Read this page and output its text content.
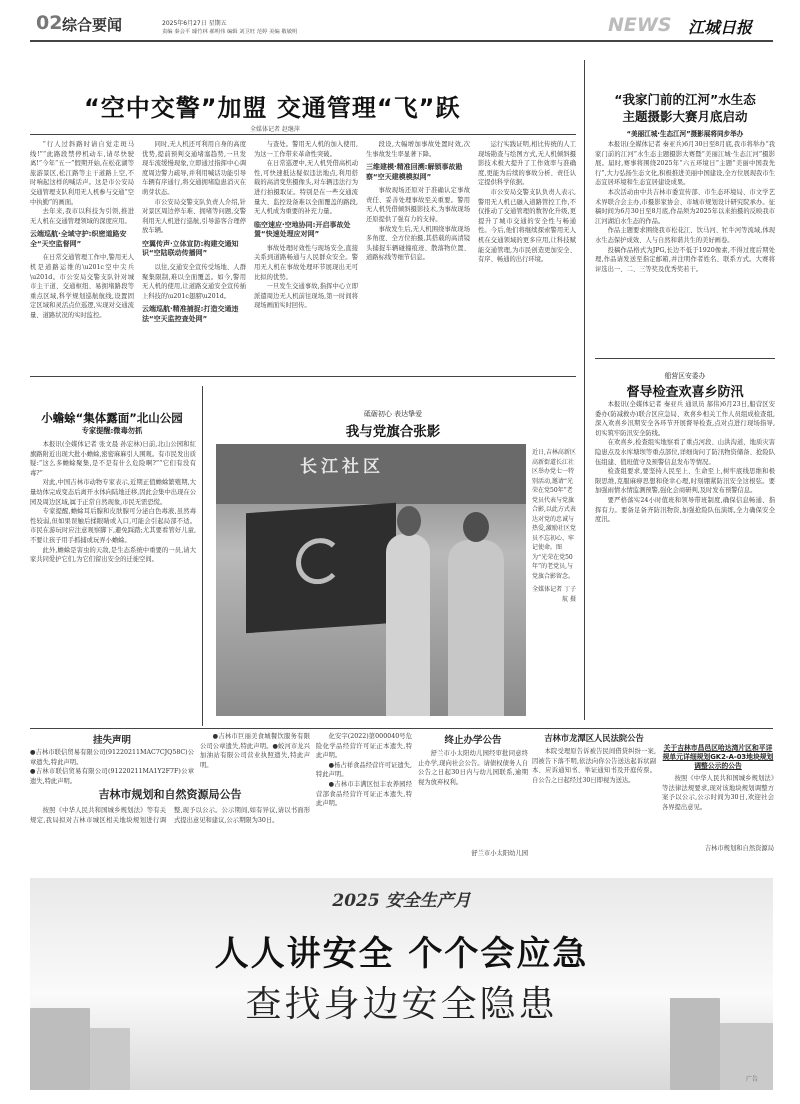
02 综合要闻	2025年6月27日 星期五
责编 秦会平 璩竹林 郝明伟 编辑 刘卫旺 范婷 美编 敬敏明	NEWS 江城日报
“空中交警”加盟 交通管理“飞”跃
全媒体记者 赵继萍

“行人过斜路时请自觉走斑马线!”“此路段禁停机动车,请尽快驶离!”今年“五一”假期开始,在松花湖等旅游景区,松江路等主干道路上空,不时响起这样的喊话声。这是市公安局交通管理支队利用无人机参与交通“空中执勤”的画面。

去年来,我市以科技为引领,推进无人机在交通管理领域的深度应用。

云端巡航·全域守护:织密道路安全“天空监督网”

在日常交通管理工作中,警用无人机是道路运维的\u201c空中尖兵\u201d。市公安局交警支队针对城市主干道、交通枢纽、易拥堵路段等重点区域,科学规划巡航航线,设置固定区域和灵活点位巡逻,实现对交通流量、道路状况的实时监控。

同时,无人机还可利用自身的高度优势,提前预判交通堵塞趋势,一旦发现车流缓慢现象,立即通过指挥中心调度周边警力疏导,并利用喊话功能引导车辆有序通行,将交通拥堵隐患消灭在萌芽状态。

市公安局交警支队负责人介绍,针对景区周边停车难、拥堵等问题,交警利用无人机进行巡航,引导游客合理停放车辆。

空翼传声·立体宣防:构建交通知识“空陆联动传播网”

以往,交通安全宣传受场地、人群聚集限制,难以全面覆盖。如今,警用无人机的使用,让道路交通安全宣传插上科技的\u201c翅膀\u201d。

云端巡航·精准捕捉:打造交通违法“空天监控查处网”

与查处。警用无人机的加入使用,为这一工作带来革命性突破。

在日常巡逻中,无人机凭借高机动性,可快速抵达疑似违法地点,利用搭载的高清变焦摄像头,对车辆违法行为进行拍摄取证。特别是在一些交通流量大、监控设备难以全面覆盖的路段,无人机成为重要的补充力量。

临空速应·空地协同:开启事故处置“快速处理应对网”

事故处理时效性与现场安全,直接关系到道路畅通与人民群众安全。警用无人机在事故处理环节展现出无可比拟的优势。

一旦发生交通事故,指挥中心立即派遣周边无人机前往现场,第一时间将现场画面实时回传。

段设,大幅增加事故处置时效,次生事故发生率显著下降。

三维建模·精准回溯:解锁事故勘察“空天建模模拟网”

事故现场还原对于准确认定事故责任、妥善处理事故至关重要。警用无人机凭借倾斜摄影技术,为事故现场还原提供了强有力的支持。

事故发生后,无人机围绕事故现场多角度、全方位拍摄,其搭载的高清镜头捕捉车辆碰撞痕迹、散落物位置、道路标线等细节信息。

运行实践证明,相比传统的人工现场勘查与绘图方式,无人机倾斜摄影技术极大提升了工作效率与准确度,更能为后续的事故分析、责任认定提供科学依据。

市公安局交警支队负责人表示,警用无人机已融入道路管控工作,不仅推动了交通管理的数智化升级,更提升了城市交通的安全性与畅通性。今后,他们将继续探索警用无人机在交通领域的更多应用,让科技赋能交通管理,为市民创造更加安全、有序、畅通的出行环境。

“我家门前的江河”水生态
主题摄影大赛月底启动
“美丽江城·生态江河”摄影展将同步举办

本报讯(全媒体记者 秦亚兵)6月30日至8月底,我市将举办“我家门前的江河”水生态主题摄影大赛暨“美丽江城·生态江河”摄影展。届时,赛事将围绕2025年“六五环境日”主题“美丽中国我先行”,大力弘扬生态文化,积极推进美丽中国建设,全方位展现我市生态宜居环境和生态宜居建设成果。

本次活动由中共吉林市委宣传部、市生态环境局、市文学艺术界联合会主办,市摄影家协会、市城市规划设计研究院承办。征稿时间为6月30日至8月底,作品须为2025年以来拍摄的反映我市江河湖泊水生态的作品。

作品主题要求围绕我市松花江、饮马河、牤牛河等流域,体现水生态保护成效、人与自然和谐共生的美好画卷。

投稿作品格式为JPG,长边不低于1920像素,不得过度后期处理,作品请发送至指定邮箱,并注明作者姓名、联系方式。大赛将评选出一、二、三等奖及优秀奖若干。

船营区安委办
督导检查欢喜乡防汛

本报讯(全媒体记者 秦亚兵 通讯员 郝伟)6月23日,船营区安委办(防减救办)联合区应急局、欢喜乡相关工作人员组成检查组,深入欢喜乡汛期安全各环节开展督导检查,点对点进行现场指导,切实筑牢防汛安全防线。

在欢喜乡,检查组实地察看了重点河段、山洪沟道、地质灾害隐患点及水库塘坝等重点部位,详细询问了防汛物资储备、抢险队伍组建、值班值守及预警信息发布等情况。

检查组要求,要坚持人民至上、生命至上,树牢底线思维和极限思维,克服麻痹思想和侥幸心理,时刻绷紧防汛安全这根弦。要加强雨情水情监测预警,强化会商研判,及时发布预警信息。

要严格落实24小时值班和领导带班制度,确保信息畅通、指挥有力。要备足备齐防汛物资,加强抢险队伍演练,全力确保安全度汛。

小蟾蜍“集体露面”北山公园
专家提醒:微毒勿抓

本报讯(全媒体记者 张文晨 孙宏林)日前,北山公园和紅旗路附近出现大批小蟾蜍,密密麻麻引人围观。有市民发出质疑:“这么多蟾蜍聚集,是不是有什么危险啊?”“它们有没有毒?”

对此,中国吉林市动物专家表示,近期正值蟾蜍繁殖期,大量幼体完成变态后离开水体向陆地迁移,因此会集中出现在公园及周边区域,属于正常自然现象,市民无需恐慌。

专家提醒,蟾蜍耳后腺和皮肤腺可分泌白色毒液,虽然毒性较弱,但如果误触后揉眼睛或入口,可能会引起局部不适。市民在游玩时应注意观察脚下,避免踩踏;尤其要看管好儿童,不要让孩子用手抓捕或玩弄小蟾蜍。

此外,蟾蜍是害虫的天敌,是生态系统中重要的一员,请大家共同爱护它们,为它们留出安全的迁徙空间。

砥砺初心 表达挚爱
我与党旗合张影
长江社区
近日,吉林高新区高新街道长江社区举办党七一特别活动,邀请“光荣在党50年”老党员代表与党旗合影,以此方式表达对党的忠诚与热爱,激励社区党员不忘初心、牢记使命。图为“光荣在党50年”的老党员,与党旗合影留念。
全媒体记者 丁子航 摄
挂失声明
●吉林市联信贸易有限公司(91220211MAC7CJQ58C)公章遗失,特此声明。
●吉林市联信贸易有限公司(91220211MA1Y2F7F)公章遗失,特此声明。
吉林市规划和自然资源局公告

按照《中华人民共和国城乡规划法》等有关规定,我局拟对吉林市城区相关地块规划进行调整,现予以公示。公示期间,如有异议,请以书面形式提出意见和建议,公示期限为30日。

●吉林市巨丽美食城餐饮服务有限公司公章遗失,特此声明。●蛟河市龙兴加油站有限公司营业执照遗失,特此声明。

化安字(2022)第000040号危险化学品经营许可证正本遗失,特此声明。

●杨占祥食品经营许可证遗失,特此声明。

●吉林市丰满区恒丰农养园经营部食品经营许可证正本遗失,特此声明。

终止办学公告

舒兰市小太阳幼儿园经审批同意终止办学,现向社会公告。请债权债务人自公告之日起30日内与幼儿园联系,逾期视为放弃权利。

舒兰市小太阳幼儿园
吉林市龙潭区人民法院公告

本院受理原告诉被告民间借贷纠纷一案,因被告下落不明,依法向你公告送达起诉状副本、应诉通知书、举证通知书及开庭传票。自公告之日起经过30日即视为送达。

关于吉林市昌邑区哈达湾片区和平详规单元详细规划GK2-A-03地块规划调整公示的公告

按照《中华人民共和国城乡规划法》等法律法规要求,现对该地块规划调整方案予以公示,公示时间为30日,欢迎社会各界提出意见。

吉林市规划和自然资源局
2025 安全生产月
人人讲安全 个个会应急
查找身边安全隐患
广告
